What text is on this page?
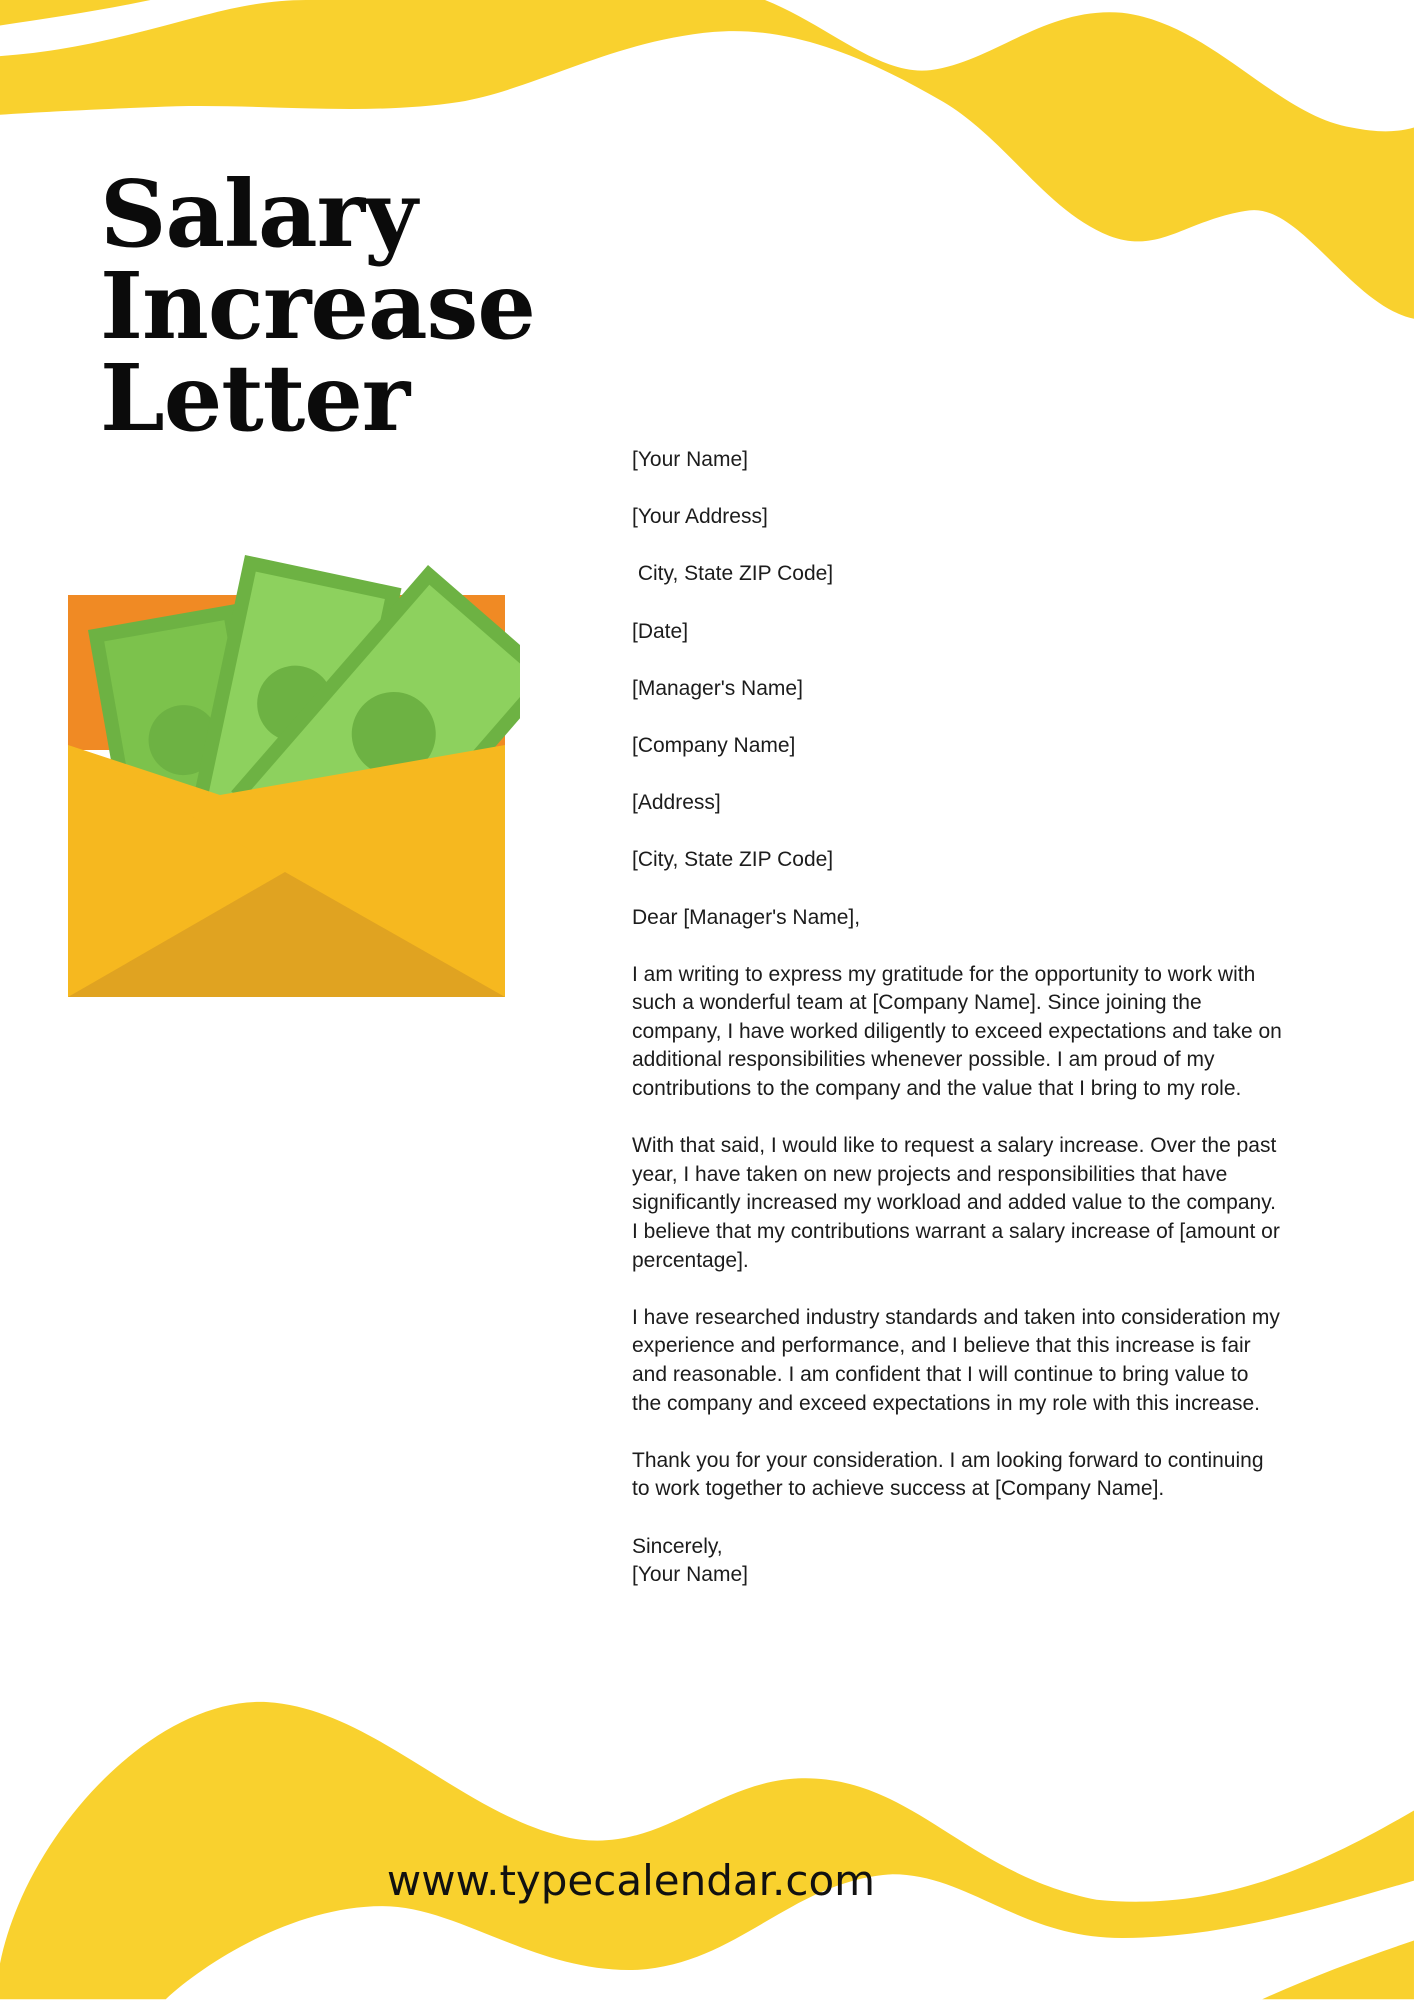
Salary
Increase
Letter

[Your Name]

[Your Address]

City, State ZIP Code]

[Date]

[Manager's Name]

[Company Name]

[Address]

[City, State ZIP Code]

Dear [Manager's Name],

I am writing to express my gratitude for the opportunity to work with such a wonderful team at [Company Name]. Since joining the company, I have worked diligently to exceed expectations and take on additional responsibilities whenever possible. I am proud of my contributions to the company and the value that I bring to my role.

With that said, I would like to request a salary increase. Over the past year, I have taken on new projects and responsibilities that have significantly increased my workload and added value to the company. I believe that my contributions warrant a salary increase of [amount or percentage].

I have researched industry standards and taken into consideration my experience and performance, and I believe that this increase is fair and reasonable. I am confident that I will continue to bring value to the company and exceed expectations in my role with this increase.

Thank you for your consideration. I am looking forward to continuing to work together to achieve success at [Company Name].

Sincerely,
[Your Name]
www.typecalendar.com
